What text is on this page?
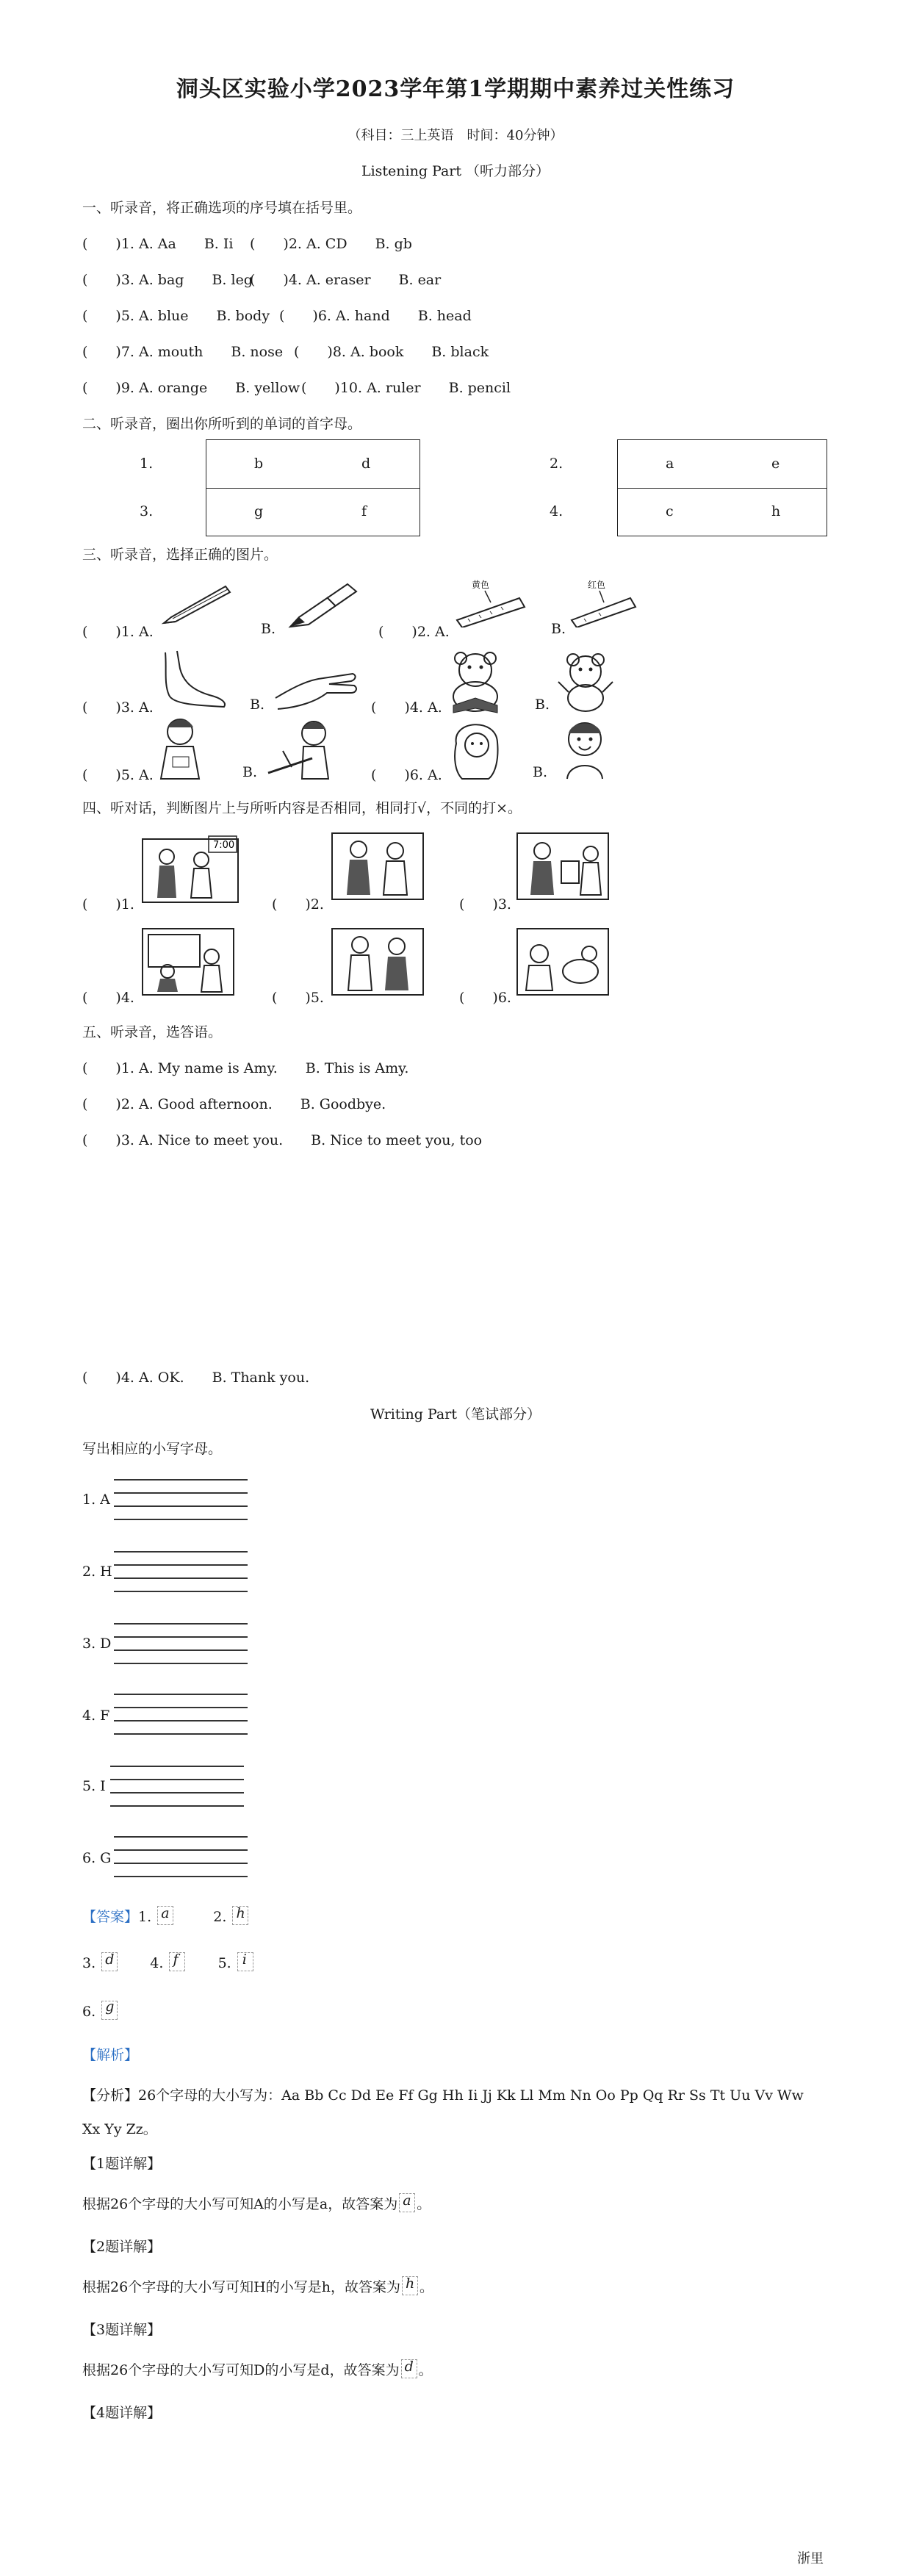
洞头区实验小学2023学年第1学期期中素养过关性练习
（科目：三上英语　时间：40分钟）
Listening Part （听力部分）
一、听录音，将正确选项的序号填在括号里。
(　　)1. A. Aa　　B. Ii (　　)2. A. CD　　B. gb
(　　)3. A. bag　　B. leg
(　　)4. A. eraser　　B. ear
(　　)5. A. blue　　B. body (　　)6. A. hand　　B. head
(　　)7. A. mouth　　B. nose (　　)8. A. book　　B. black
(　　)9. A. orange　　B. yellow (　　)10. A. ruler　　B. pencil
二、听录音，圈出你所听到的单词的首字母。
1.	b	d	2.	a	e
3.	g	f	4.	c	h
三、听录音，选择正确的图片。
(　　)1. A.	B.	(　　)2. A.	B.
黄色	红色
(　　)3. A.	B.	(　　)4. A.	B.
(　　)5. A.	B.	(　　)6. A.	B.
四、听对话，判断图片上与所听内容是否相同，相同打√，不同的打×。
(　　)1.	(　　)2.	(　　)3.
(　　)4.	(　　)5.	(　　)6.
7:00
五、听录音，选答语。
(　　)1. A. My name is Amy.　　B. This is Amy.
(　　)2. A. Good afternoon.　　B. Goodbye.
(　　)3. A. Nice to meet you.　　B. Nice to meet you, too
(　　)4. A. OK.　　B. Thank you.
Writing Part（笔试部分）
写出相应的小写字母。
1. A
2. H
3. D
4. F
5. I
6. G
【答案】1. a	2. h
3. d	4. f	5. i
6. g
【解析】
【分析】26个字母的大小写为：Aa Bb Cc Dd Ee Ff Gg Hh Ii Jj Kk Ll Mm Nn Oo Pp Qq Rr Ss Tt Uu Vv Ww
Xx Yy Zz。
【1题详解】
根据26个字母的大小写可知A的小写是a，故答案为 a 。
【2题详解】
根据26个字母的大小写可知H的小写是h，故答案为 h 。
【3题详解】
根据26个字母的大小写可知D的小写是d，故答案为 d 。
【4题详解】
浙里
